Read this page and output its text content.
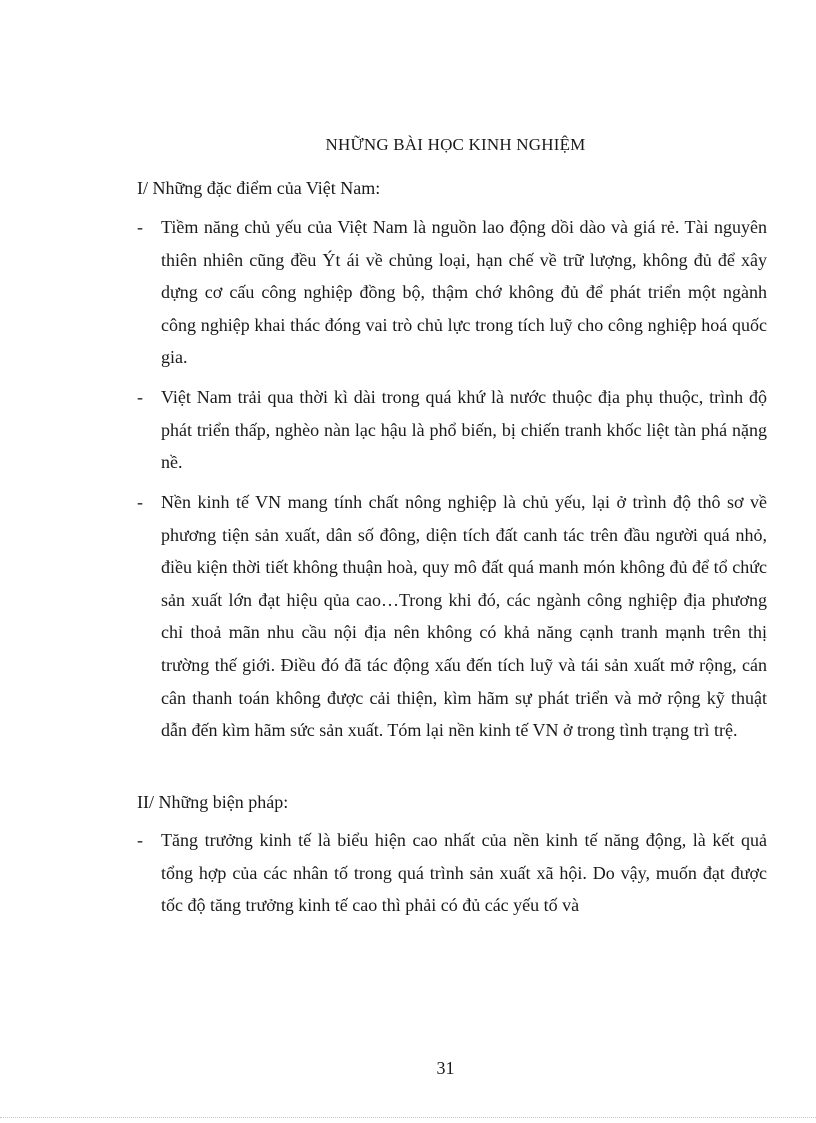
NHỮNG BÀI HỌC KINH NGHIỆM
I/ Những đặc điểm của Việt Nam:
- Tiềm năng chủ yếu của Việt Nam là nguồn lao động dồi dào và giá rẻ. Tài nguyên thiên nhiên cũng đều Ýt ái về chủng loại, hạn chế về trữ lượng, không đủ để xây dựng cơ cấu công nghiệp đồng bộ, thậm chớ không đủ để phát triển một ngành công nghiệp khai thác đóng vai trò chủ lực trong tích luỹ cho công nghiệp hoá quốc gia.
- Việt Nam trải qua thời kì dài trong quá khứ là nước thuộc địa phụ thuộc, trình độ phát triển thấp, nghèo nàn lạc hậu là phổ biến, bị chiến tranh khốc liệt tàn phá nặng nề.
- Nền kinh tế VN mang tính chất nông nghiệp là chủ yếu, lại ở trình độ thô sơ về phương tiện sản xuất, dân số đông, diện tích đất canh tác trên đầu người quá nhỏ, điều kiện thời tiết không thuận hoà, quy mô đất quá manh món không đủ để tổ chức sản xuất lớn đạt hiệu qủa cao…Trong khi đó, các ngành công nghiệp địa phương chỉ thoả mãn nhu cầu nội địa nên không có khả năng cạnh tranh mạnh trên thị trường thế giới. Điều đó đã tác động xấu đến tích luỹ và tái sản xuất mở rộng, cán cân thanh toán không được cải thiện, kìm hãm sự phát triển và mở rộng kỹ thuật dẫn đến kìm hãm sức sản xuất. Tóm lại nền kinh tế VN ở trong tình trạng trì trệ.
II/ Những biện pháp:
- Tăng trưởng kinh tế là biểu hiện cao nhất của nền kinh tế năng động, là kết quả tổng hợp của các nhân tố trong quá trình sản xuất xã hội. Do vậy, muốn đạt được tốc độ tăng trưởng kinh tế cao thì phải có đủ các yếu tố và
31
